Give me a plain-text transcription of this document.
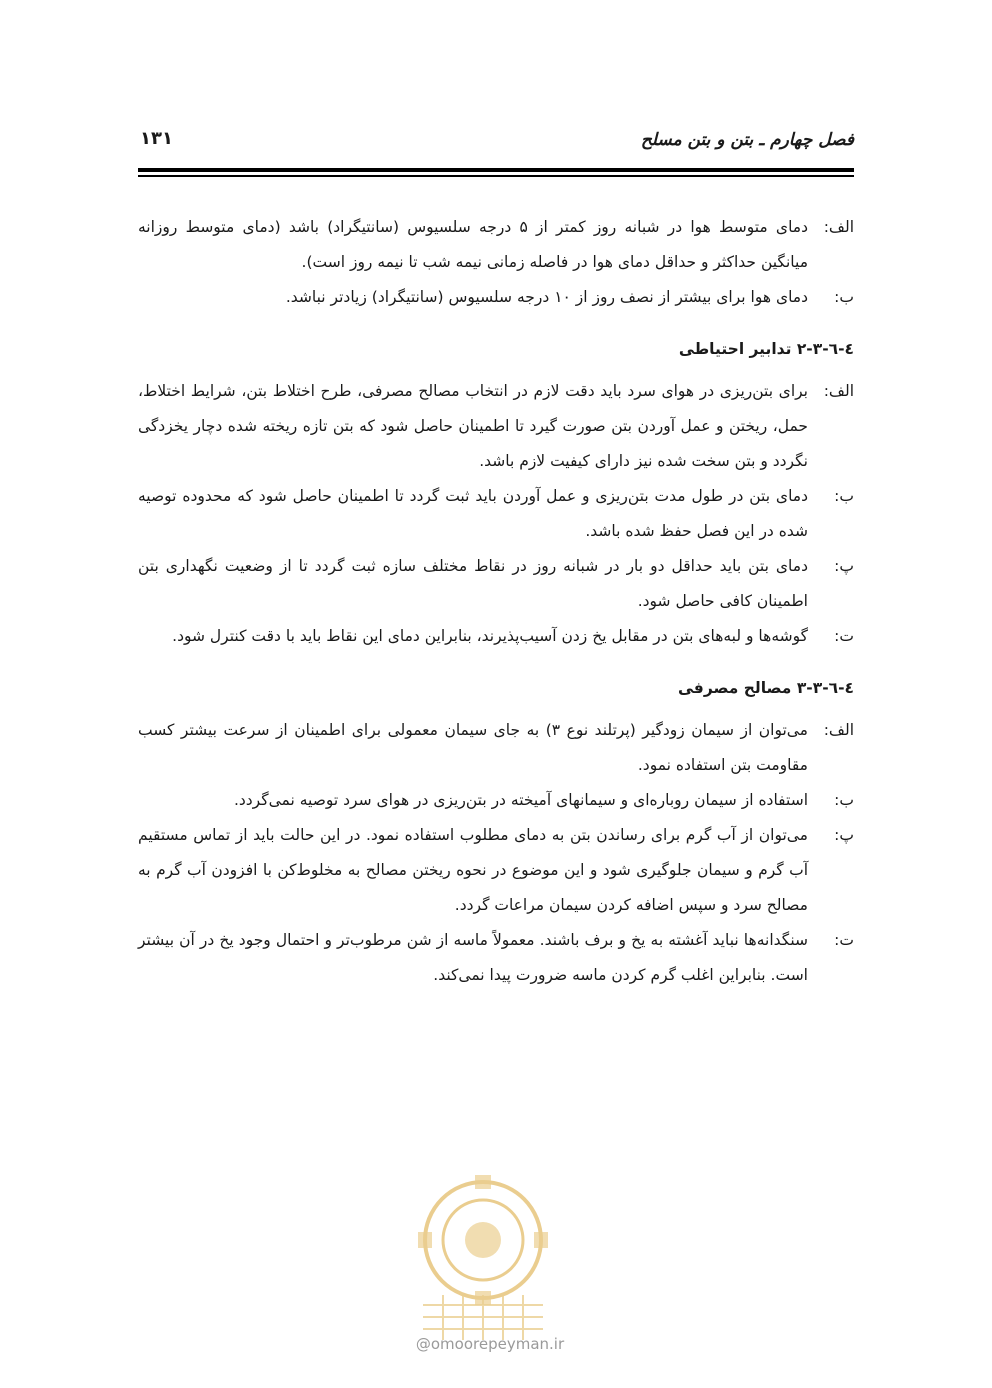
فصل چهارم ـ بتن و بتن مسلح
۱۳۱
الف:
دمای متوسط هوا در شبانه روز کمتر از ۵ درجه سلسیوس (سانتیگراد) باشد (دمای متوسط روزانه میانگین حداکثر و حداقل دمای هوا در فاصله زمانی نیمه شب تا نیمه روز است).
ب:
دمای هوا برای بیشتر از نصف روز از ۱۰ درجه سلسیوس (سانتیگراد) زیادتر نباشد.
٤-٦-٣-٢ تدابیر احتیاطی
الف:
برای بتن‌ریزی در هوای سرد باید دقت لازم در انتخاب مصالح مصرفی، طرح اختلاط بتن، شرایط اختلاط، حمل، ریختن و عمل آوردن بتن صورت گیرد تا اطمینان حاصل شود که بتن تازه ریخته شده دچار یخزدگی نگردد و بتن سخت شده نیز دارای کیفیت لازم باشد.
ب:
دمای بتن در طول مدت بتن‌ریزی و عمل آوردن باید ثبت گردد تا اطمینان حاصل شود که محدوده توصیه شده در این فصل حفظ شده باشد.
پ:
دمای بتن باید حداقل دو بار در شبانه روز در نقاط مختلف سازه ثبت گردد تا از وضعیت نگهداری بتن اطمینان کافی حاصل شود.
ت:
گوشه‌ها و لبه‌های بتن در مقابل یخ زدن آسیب‌پذیرند، بنابراین دمای این نقاط باید با دقت کنترل شود.
٤-٦-٣-٣ مصالح مصرفی
الف:
می‌توان از سیمان زودگیر (پرتلند نوع ۳) به جای سیمان معمولی برای اطمینان از سرعت بیشتر کسب مقاومت بتن استفاده نمود.
ب:
استفاده از سیمان روباره‌ای و سیمانهای آمیخته در بتن‌ریزی در هوای سرد توصیه نمی‌گردد.
پ:
می‌توان از آب گرم برای رساندن بتن به دمای مطلوب استفاده نمود. در این حالت باید از تماس مستقیم آب گرم و سیمان جلوگیری شود و این موضوع در نحوه ریختن مصالح به مخلوط‌کن با افزودن آب گرم به مصالح سرد و سپس اضافه کردن سیمان مراعات گردد.
ت:
سنگدانه‌ها نباید آغشته به یخ و برف باشند. معمولاً ماسه از شن مرطوب‌تر و احتمال وجود یخ در آن بیشتر است. بنابراین اغلب گرم کردن ماسه ضرورت پیدا نمی‌کند.
@omoorepeyman.ir
